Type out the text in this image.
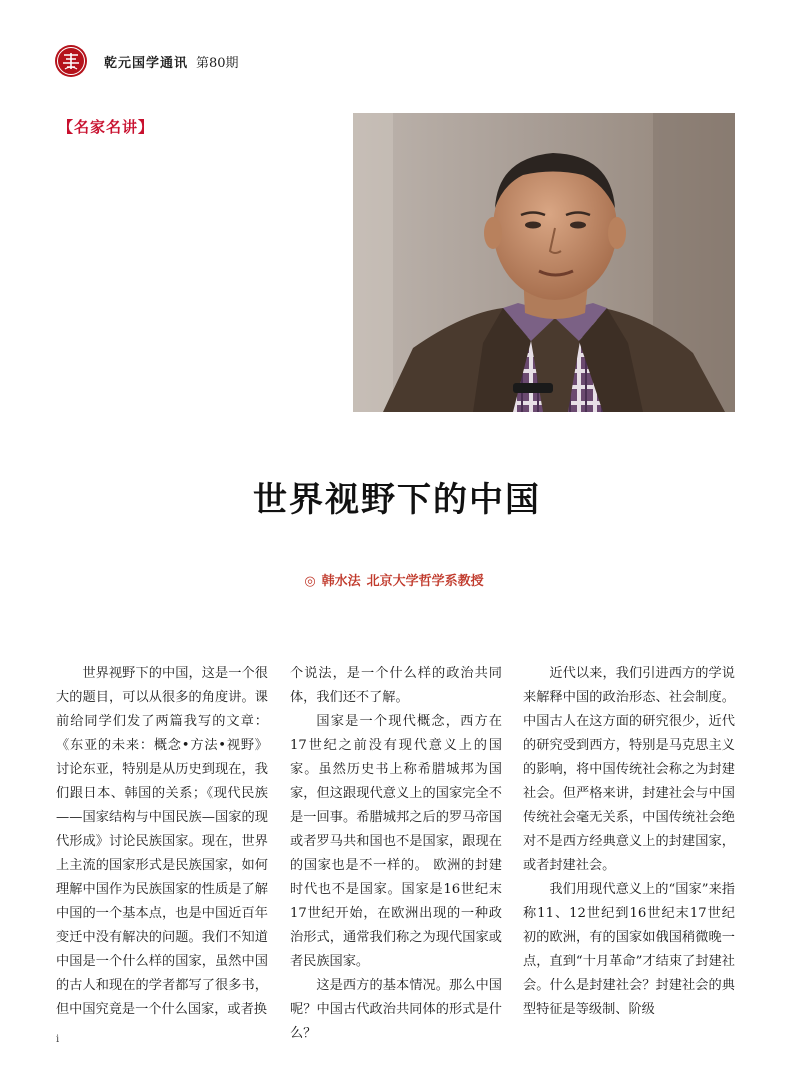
乾元国学通讯 第80期
【名家名讲】
世界视野下的中国
◎ 韩水法 北京大学哲学系教授

世界视野下的中国，这是一个很大的题目，可以从很多的角度讲。课前给同学们发了两篇我写的文章：《东亚的未来：概念•方法•视野》讨论东亚，特别是从历史到现在，我们跟日本、韩国的关系；《现代民族——国家结构与中国民族—国家的现代形成》讨论民族国家。现在，世界上主流的国家形式是民族国家，如何理解中国作为民族国家的性质是了解中国的一个基本点，也是中国近百年变迁中没有解决的问题。我们不知道中国是一个什么样的国家，虽然中国的古人和现在的学者都写了很多书，但中国究竟是一个什么国家，或者换

个说法，是一个什么样的政治共同体，我们还不了解。

国家是一个现代概念，西方在17世纪之前没有现代意义上的国家。虽然历史书上称希腊城邦为国家，但这跟现代意义上的国家完全不是一回事。希腊城邦之后的罗马帝国或者罗马共和国也不是国家，跟现在的国家也是不一样的。 欧洲的封建时代也不是国家。国家是16世纪末17世纪开始，在欧洲出现的一种政治形式，通常我们称之为现代国家或者民族国家。

这是西方的基本情况。那么中国呢？中国古代政治共同体的形式是什么？

近代以来，我们引进西方的学说来解释中国的政治形态、社会制度。中国古人在这方面的研究很少，近代的研究受到西方，特别是马克思主义的影响，将中国传统社会称之为封建社会。但严格来讲，封建社会与中国传统社会毫无关系，中国传统社会绝对不是西方经典意义上的封建国家，或者封建社会。

我们用现代意义上的“国家”来指称11、12世纪到16世纪末17世纪初的欧洲，有的国家如俄国稍微晚一点，直到“十月革命”才结束了封建社会。什么是封建社会？封建社会的典型特征是等级制、阶级

i
